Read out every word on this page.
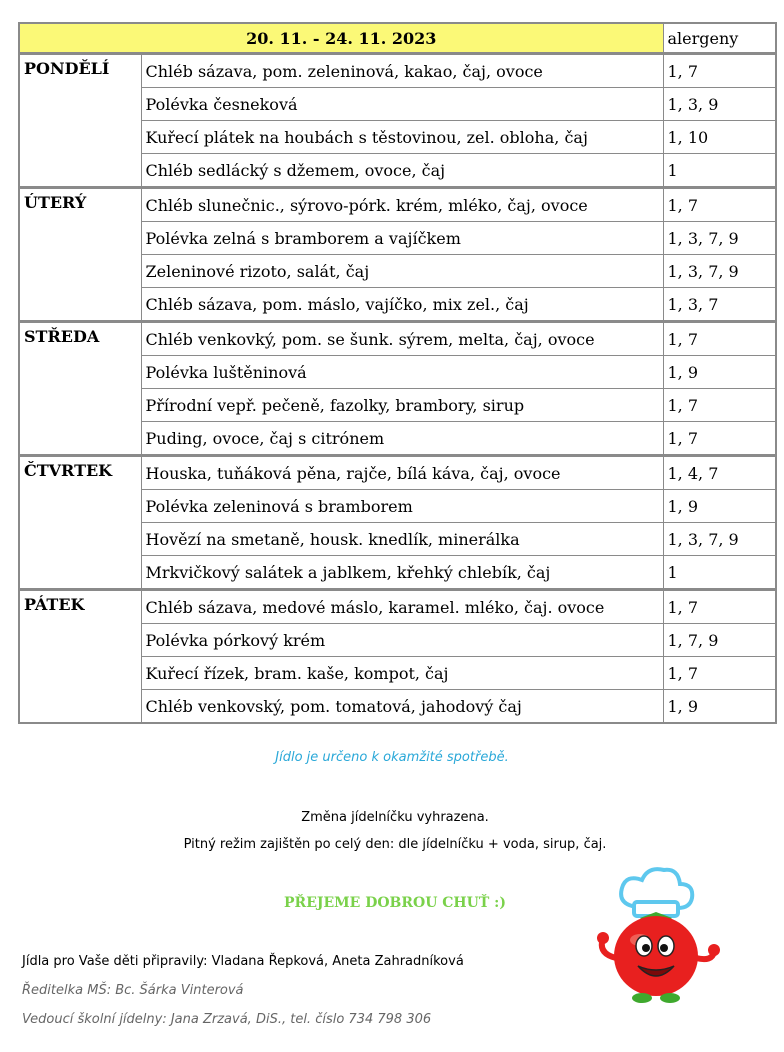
20. 11. - 24. 11. 2023		alergeny
PONDĚLÍ	Chléb sázava, pom. zeleninová, kakao, čaj, ovoce	1, 7
	Polévka česneková	1, 3, 9
	Kuřecí plátek na houbách s těstovinou, zel. obloha, čaj	1, 10
	Chléb sedlácký s džemem, ovoce, čaj	1
ÚTERÝ	Chléb slunečnic., sýrovo-pórk. krém, mléko, čaj, ovoce	1, 7
	Polévka zelná s bramborem a vajíčkem	1, 3, 7, 9
	Zeleninové rizoto, salát, čaj	1, 3, 7, 9
	Chléb sázava, pom. máslo, vajíčko, mix zel., čaj	1, 3, 7
STŘEDA	Chléb venkovký, pom. se šunk. sýrem, melta, čaj, ovoce	1, 7
	Polévka luštěninová	1, 9
	Přírodní vepř. pečeně, fazolky, brambory, sirup	1, 7
	Puding, ovoce, čaj s citrónem	1, 7
ČTVRTEK	Houska, tuňáková pěna, rajče, bílá káva, čaj, ovoce	1, 4, 7
	Polévka zeleninová s bramborem	1, 9
	Hovězí na smetaně, housk. knedlík, minerálka	1, 3, 7, 9
	Mrkvičkový salátek a jablkem, křehký chlebík, čaj	1
PÁTEK	Chléb sázava, medové máslo, karamel. mléko, čaj. ovoce	1, 7
	Polévka pórkový krém	1, 7, 9
	Kuřecí řízek, bram. kaše, kompot, čaj	1, 7
	Chléb venkovský, pom. tomatová, jahodový čaj	1, 9
Jídlo je určeno k okamžité spotřebě.
Změna jídelníčku vyhrazena.
Pitný režim zajištěn po celý den: dle jídelníčku + voda, sirup, čaj.
PŘEJEME DOBROU CHUŤ :)
Jídla pro Vaše děti připravily: Vladana Řepková, Aneta Zahradníková
Ředitelka MŠ: Bc. Šárka Vinterová
Vedoucí školní jídelny: Jana Zrzavá, DiS., tel. číslo 734 798 306
